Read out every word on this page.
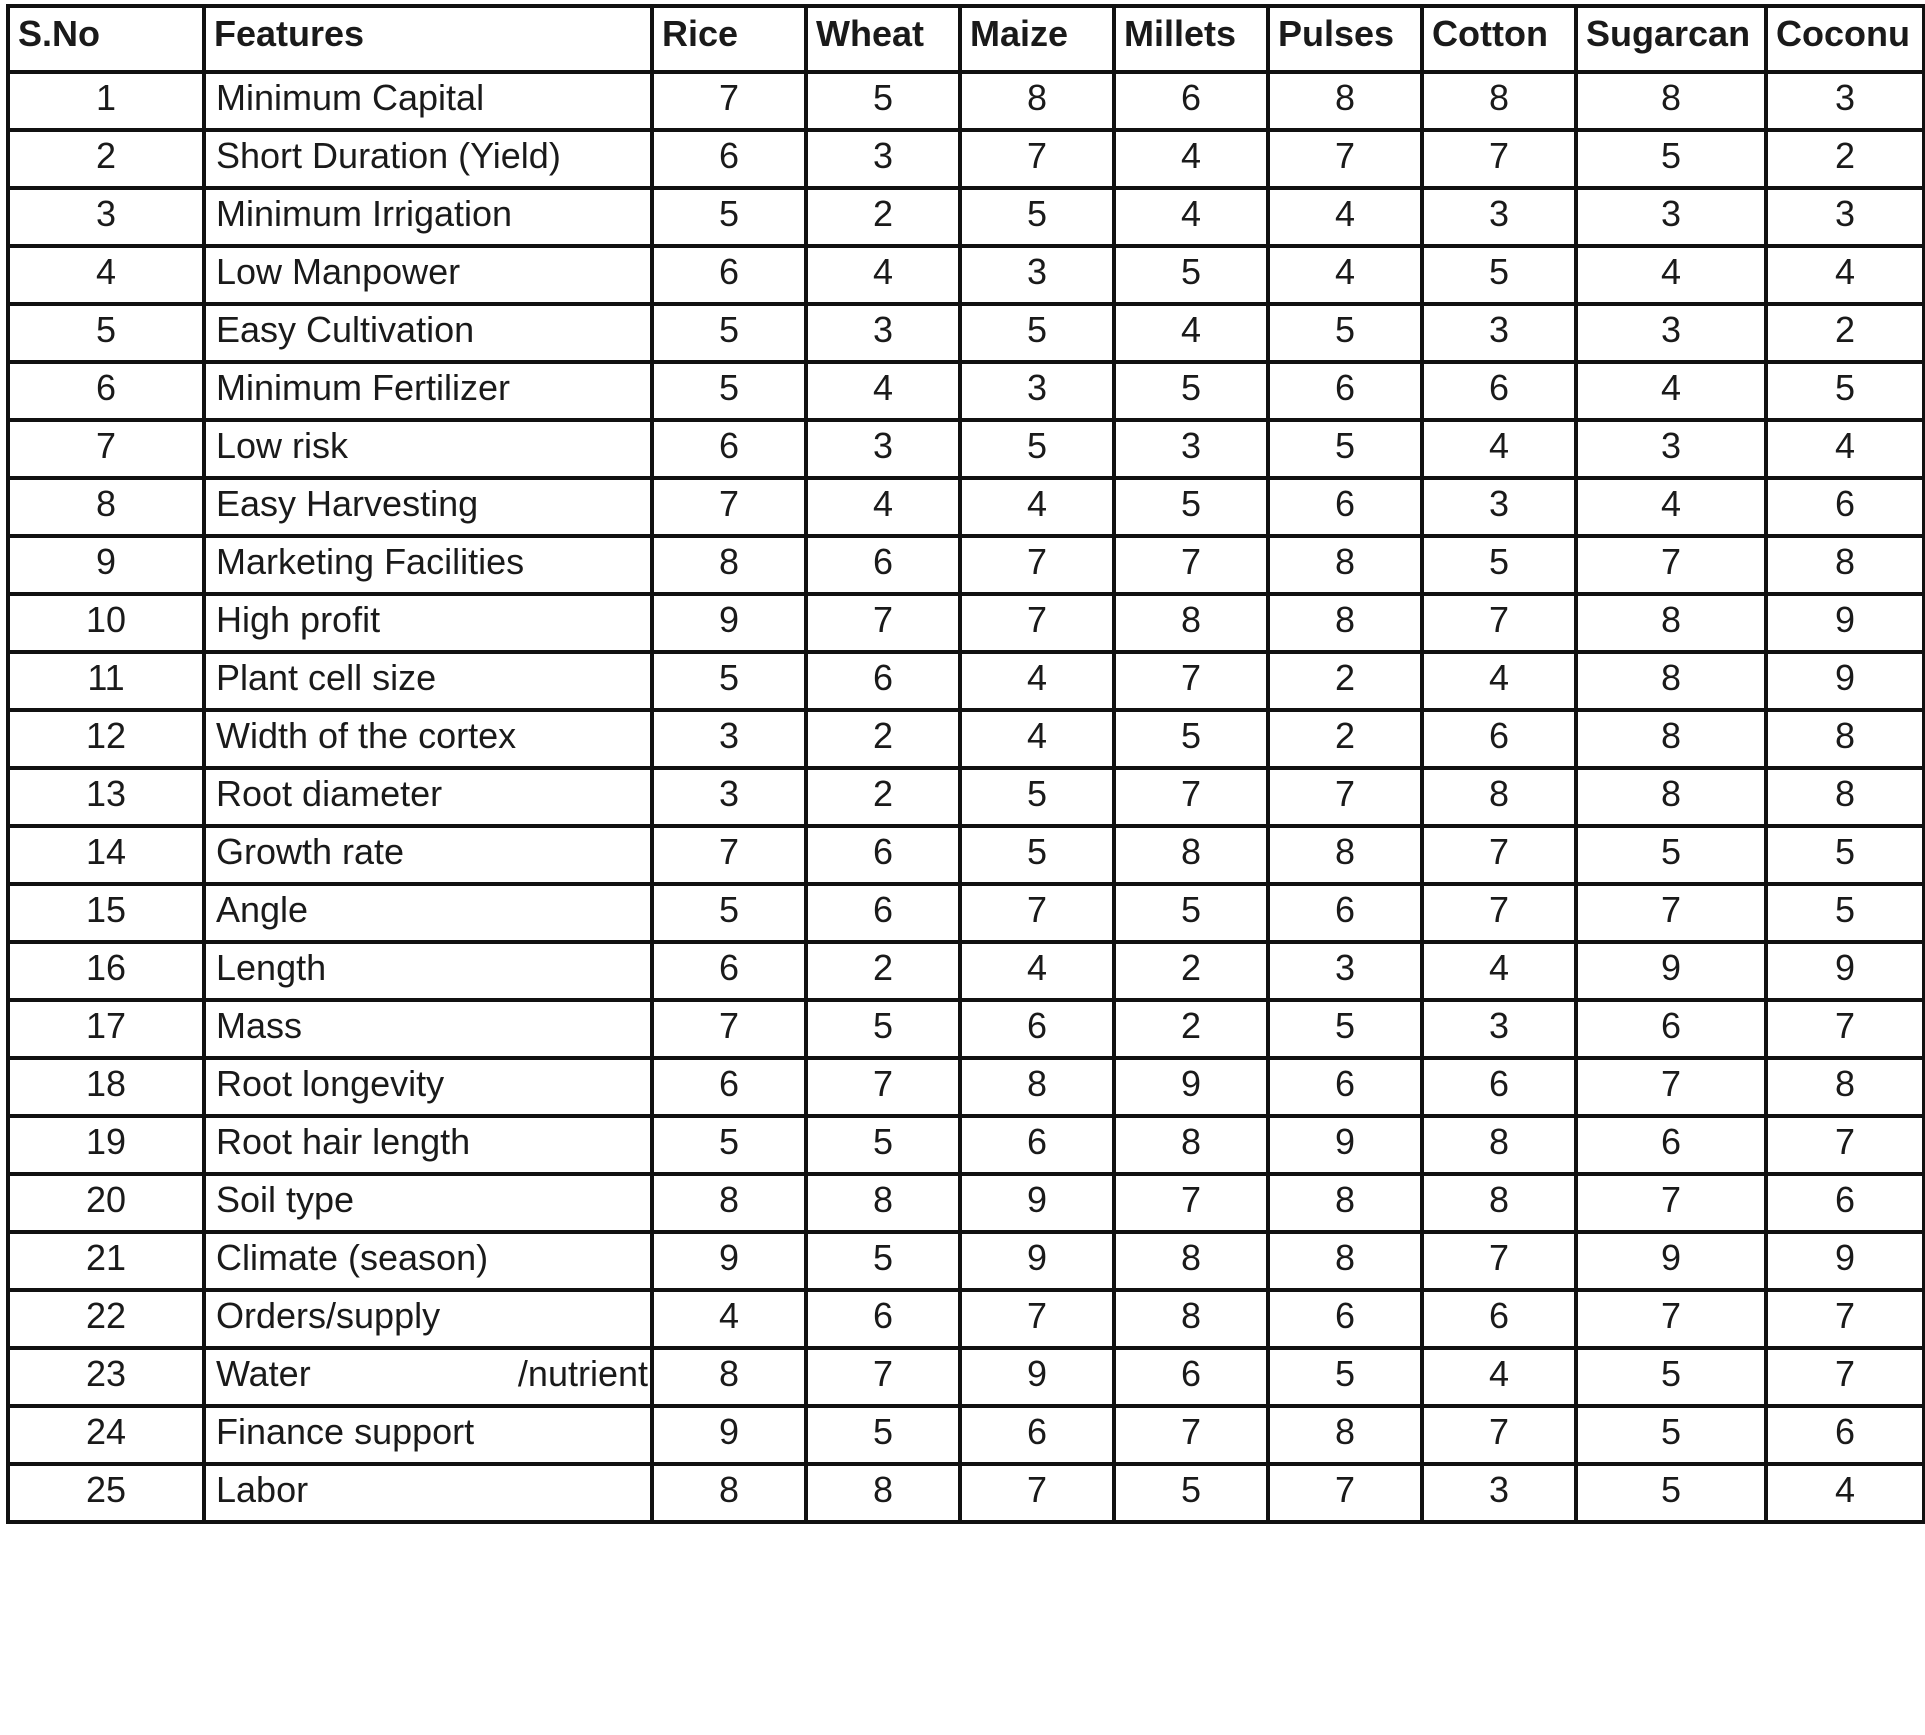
S.No	Features	Rice	Wheat	Maize	Millets	Pulses	Cotton	Sugarcan	Coconu
1	Minimum Capital	7	5	8	6	8	8	8	3
2	Short Duration (Yield)	6	3	7	4	7	7	5	2
3	Minimum Irrigation	5	2	5	4	4	3	3	3
4	Low Manpower	6	4	3	5	4	5	4	4
5	Easy Cultivation	5	3	5	4	5	3	3	2
6	Minimum Fertilizer	5	4	3	5	6	6	4	5
7	Low risk	6	3	5	3	5	4	3	4
8	Easy Harvesting	7	4	4	5	6	3	4	6
9	Marketing Facilities	8	6	7	7	8	5	7	8
10	High profit	9	7	7	8	8	7	8	9
11	Plant cell size	5	6	4	7	2	4	8	9
12	Width of the cortex	3	2	4	5	2	6	8	8
13	Root diameter	3	2	5	7	7	8	8	8
14	Growth rate	7	6	5	8	8	7	5	5
15	Angle	5	6	7	5	6	7	7	5
16	Length	6	2	4	2	3	4	9	9
17	Mass	7	5	6	2	5	3	6	7
18	Root longevity	6	7	8	9	6	6	7	8
19	Root hair length	5	5	6	8	9	8	6	7
20	Soil type	8	8	9	7	8	8	7	6
21	Climate (season)	9	5	9	8	8	7	9	9
22	Orders/supply	4	6	7	8	6	6	7	7
23	Water /nutrient	8	7	9	6	5	4	5	7
24	Finance support	9	5	6	7	8	7	5	6
25	Labor	8	8	7	5	7	3	5	4
